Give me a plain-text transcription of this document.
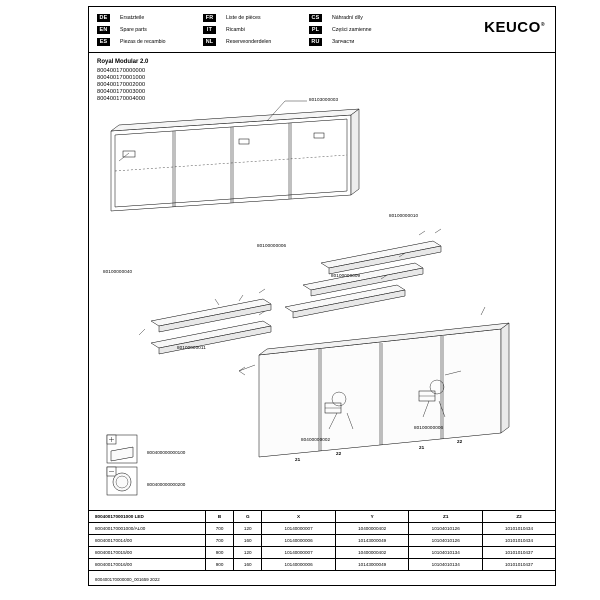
DE	Ersatzteile	FR	Liste de pièces	CS	Náhradní díly
EN	Spare parts	IT	Ricambi	PL	Części zamienne
ES	Piezas de recambio	NL	Reserveonderdelen	RU	Запчасти
KEUCO®
Royal Modular 2.0
800400170000000
800400170001000
800400170002000
800400170003000
800400170004000	80103000003
80100000040
80100000010
80100000006
80100000009
80100000011
80400000002
80100000006
21
22
21
22
800400000000100
800400000000200
800400170001000 LED	B	G	X	Y	Z1	Z2
800400170001000/AL00	700	120	10140000007	10400000402	10104010126	10101010434
800400170014/00	700	160	10140000006	10143000049	10104010126	10101010434
800400170015/00	900	120	10140000007	10400000402	10104010134	10101010437
800400170016/00	900	160	10140000006	10143000049	10104010134	10101010437
800400170000000_001659 2022
